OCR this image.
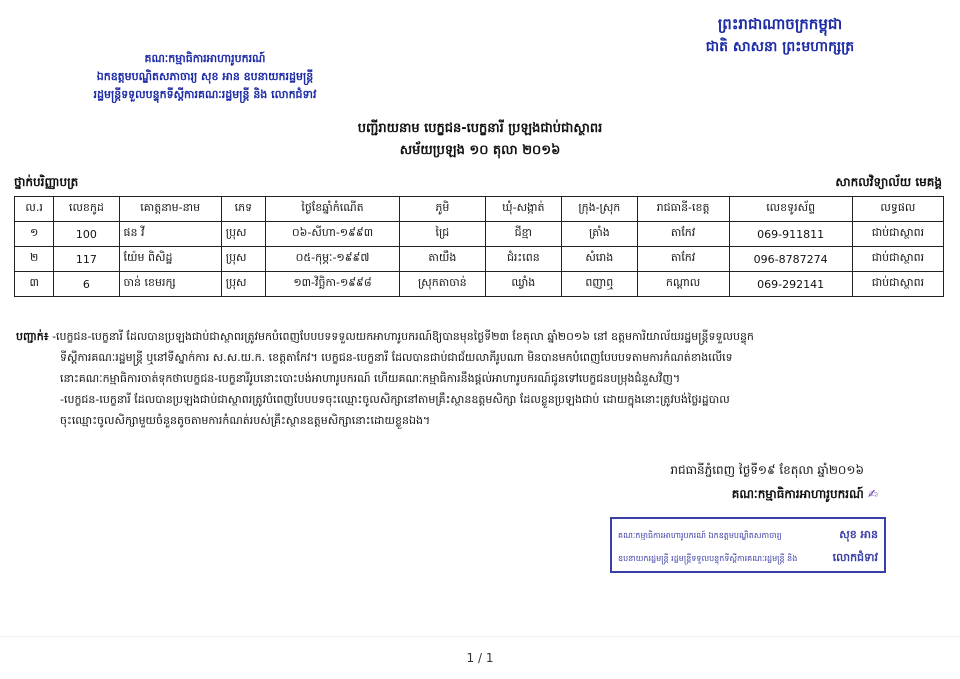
ព្រះរាជាណាចក្រកម្ពុជា
ជាតិ សាសនា ព្រះមហាក្សត្រ
គណៈកម្មាធិការអាហារូបករណ៍
ឯកឧត្តមបណ្ឌិតសភាចារ្យ សុខ អាន ឧបនាយករដ្ឋមន្ត្រី
រដ្ឋមន្ត្រីទទួលបន្ទុកទីស្តីការគណៈរដ្ឋមន្ត្រី និង លោកជំទាវ
បញ្ជីរាយនាម បេក្ខជន-បេក្ខនារី ប្រឡងជាប់ជាស្ថាពរ
សម័យប្រឡង ១០ តុលា ២០១៦
ថ្នាក់បរិញ្ញាបត្រ	សាកលវិទ្យាល័យ មេគង្គ
ល.រ	លេខកូដ	គោត្តនាម-នាម	ភេទ	ថ្ងៃខែឆ្នាំកំណើត	ភូមិ	ឃុំ-សង្កាត់	ក្រុង-ស្រុក	រាជធានី-ខេត្ត	លេខទូរស័ព្ទ	លទ្ធផល
១	100	ផន វី	ប្រុស	០៦-សីហា-១៩៩៣	ជ្រៃ	ជីខ្មា	ត្រាំង	តាកែវ	069-911811	ជាប់ជាស្ថាពរ
២	117	យ៉ែម ពិសិដ្ឋ	ប្រុស	០៥-កុម្ភៈ-១៩៩៧	តាយឹង	ជំរះពេន	សំរោង	តាកែវ	096-8787274	ជាប់ជាស្ថាពរ
៣	6	ចាន់ ខេមរក្ស	ប្រុស	១៣-វិច្ឆិកា-១៩៩៨	ស្រុកតាចាន់	ឈ្វាំង	ពញាឮ	កណ្ដាល	069-292141	ជាប់ជាស្ថាពរ
បញ្ជាក់៖ -បេក្ខជន-បេក្ខនារី ដែលបានប្រឡងជាប់ជាស្ថាពរត្រូវមកបំពេញបែបបទទទួលយកអាហារូបករណ៍ឱ្យបានមុនថ្ងៃទី២៣ ខែតុលា ឆ្នាំ២០១៦ នៅ ឧត្តមការិយាល័យរដ្ឋមន្ត្រីទទួលបន្ទុក
ទីស្តីការគណៈរដ្ឋមន្ត្រី ឬនៅទីស្នាក់ការ ស.ស.យ.ក. ខេត្តតាកែវ។ បេក្ខជន-បេក្ខនារី ដែលបានជាប់ជាជ័យលាភីរូបណា មិនបានមកបំពេញបែបបទតាមការកំណត់ខាងលើទេ
នោះគណៈកម្មាធិការចាត់ទុកថាបេក្ខជន-បេក្ខនារីរូបនោះបោះបង់អាហារូបករណ៍ ហើយគណៈកម្មាធិការនឹងផ្តល់អាហារូបករណ៍ជូនទៅបេក្ខជនបម្រុងជំនួសវិញ។
-បេក្ខជន-បេក្ខនារី ដែលបានប្រឡងជាប់ជាស្ថាពរត្រូវបំពេញបែបបទចុះឈ្មោះចូលសិក្សានៅតាមគ្រឹះស្ថានឧត្តមសិក្សា ដែលខ្លួនប្រឡងជាប់ ដោយក្នុងនោះត្រូវបង់ថ្លៃរដ្ឋបាល
ចុះឈ្មោះចូលសិក្សាមួយចំនួនតូចតាមការកំណត់របស់គ្រឹះស្ថានឧត្តមសិក្សានោះដោយខ្លួនឯង។
រាជធានីភ្នំពេញ ថ្ងៃទី១៩ ខែតុលា ឆ្នាំ២០១៦
គណៈកម្មាធិការអាហារូបករណ៍ ✍
គណៈកម្មាធិការអាហារូបករណ៍ ឯកឧត្តមបណ្ឌិតសភាចារ្យ	សុខ អាន
ឧបនាយករដ្ឋមន្ត្រី រដ្ឋមន្ត្រីទទួលបន្ទុកទីស្តីការគណៈរដ្ឋមន្ត្រី និង	លោកជំទាវ
1 / 1
